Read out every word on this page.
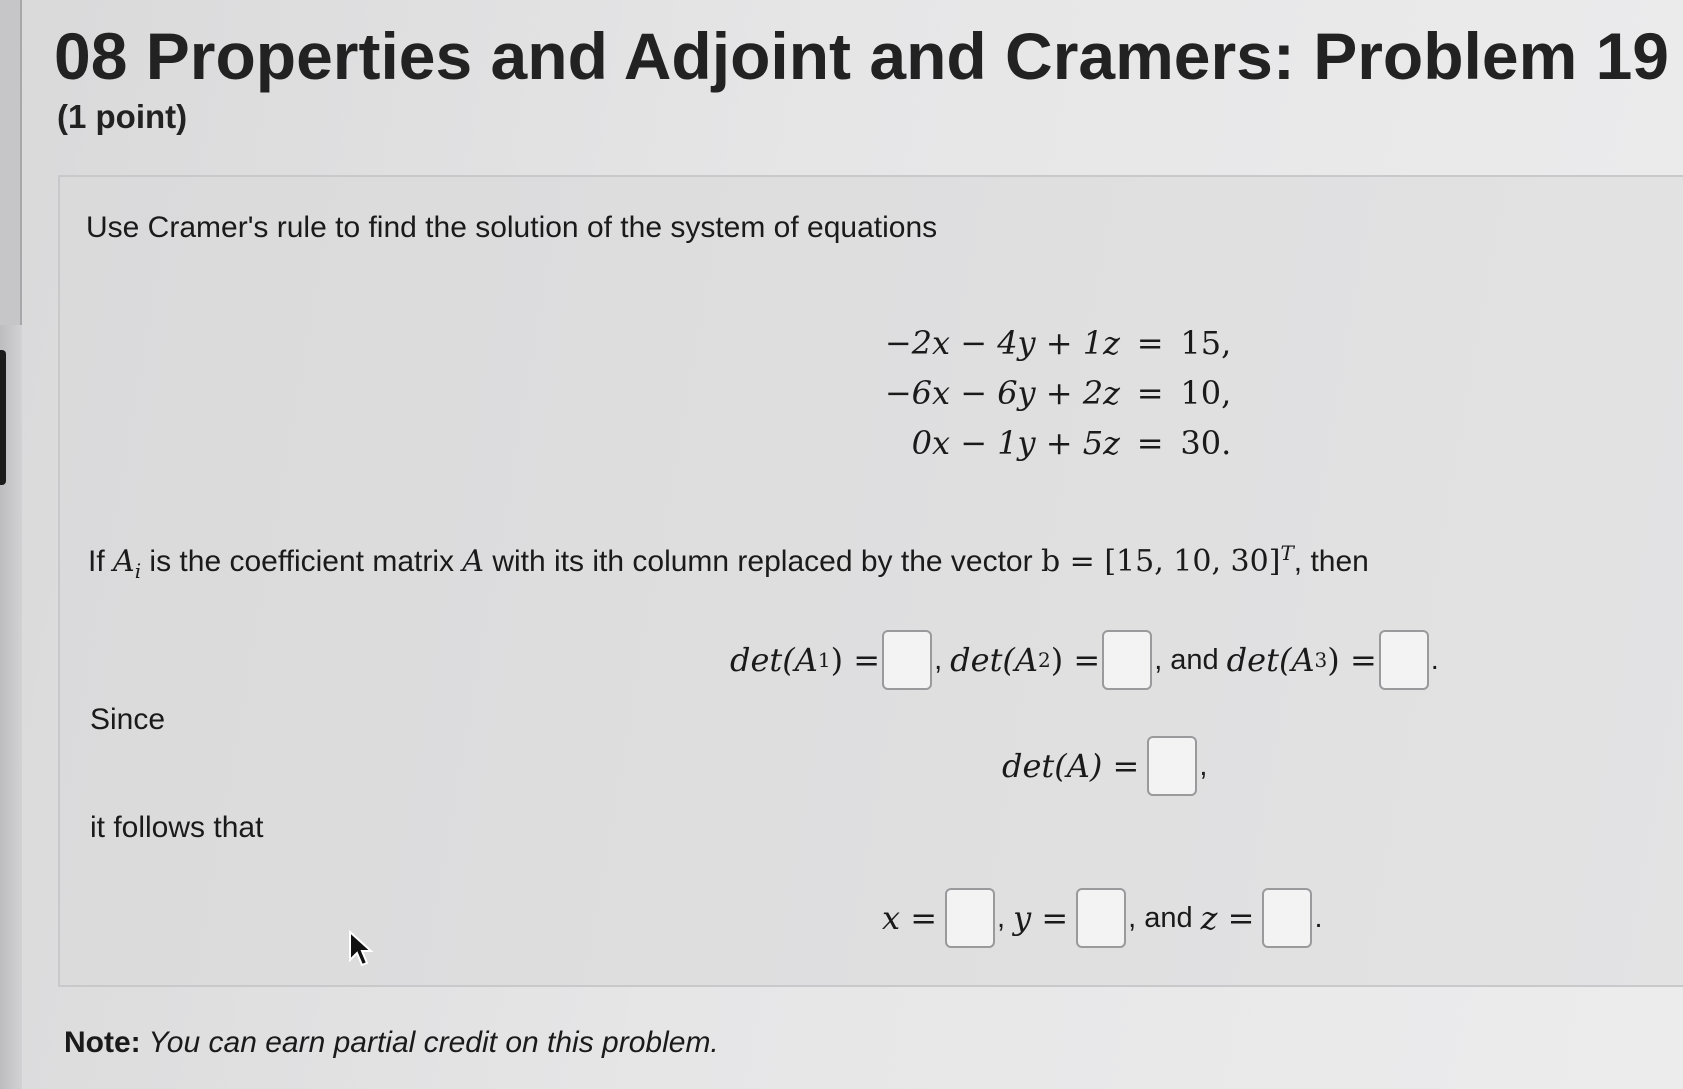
08 Properties and Adjoint and Cramers: Problem 19
(1 point)
Use Cramer's rule to find the solution of the system of equations
−2x − 4y + 1z = 15,
−6x − 6y + 2z = 10,
0x − 1y + 5z = 30.
If $A_i$ is the coefficient matrix A with its ith column replaced by the vector b = [15, 10, 30]$^T$, then
det(A 1 ) = , det(A 2 ) = , and det(A 3 ) = .
Since
det(A) = ,
it follows that
x = , y = , and z = .
Note: You can earn partial credit on this problem.
